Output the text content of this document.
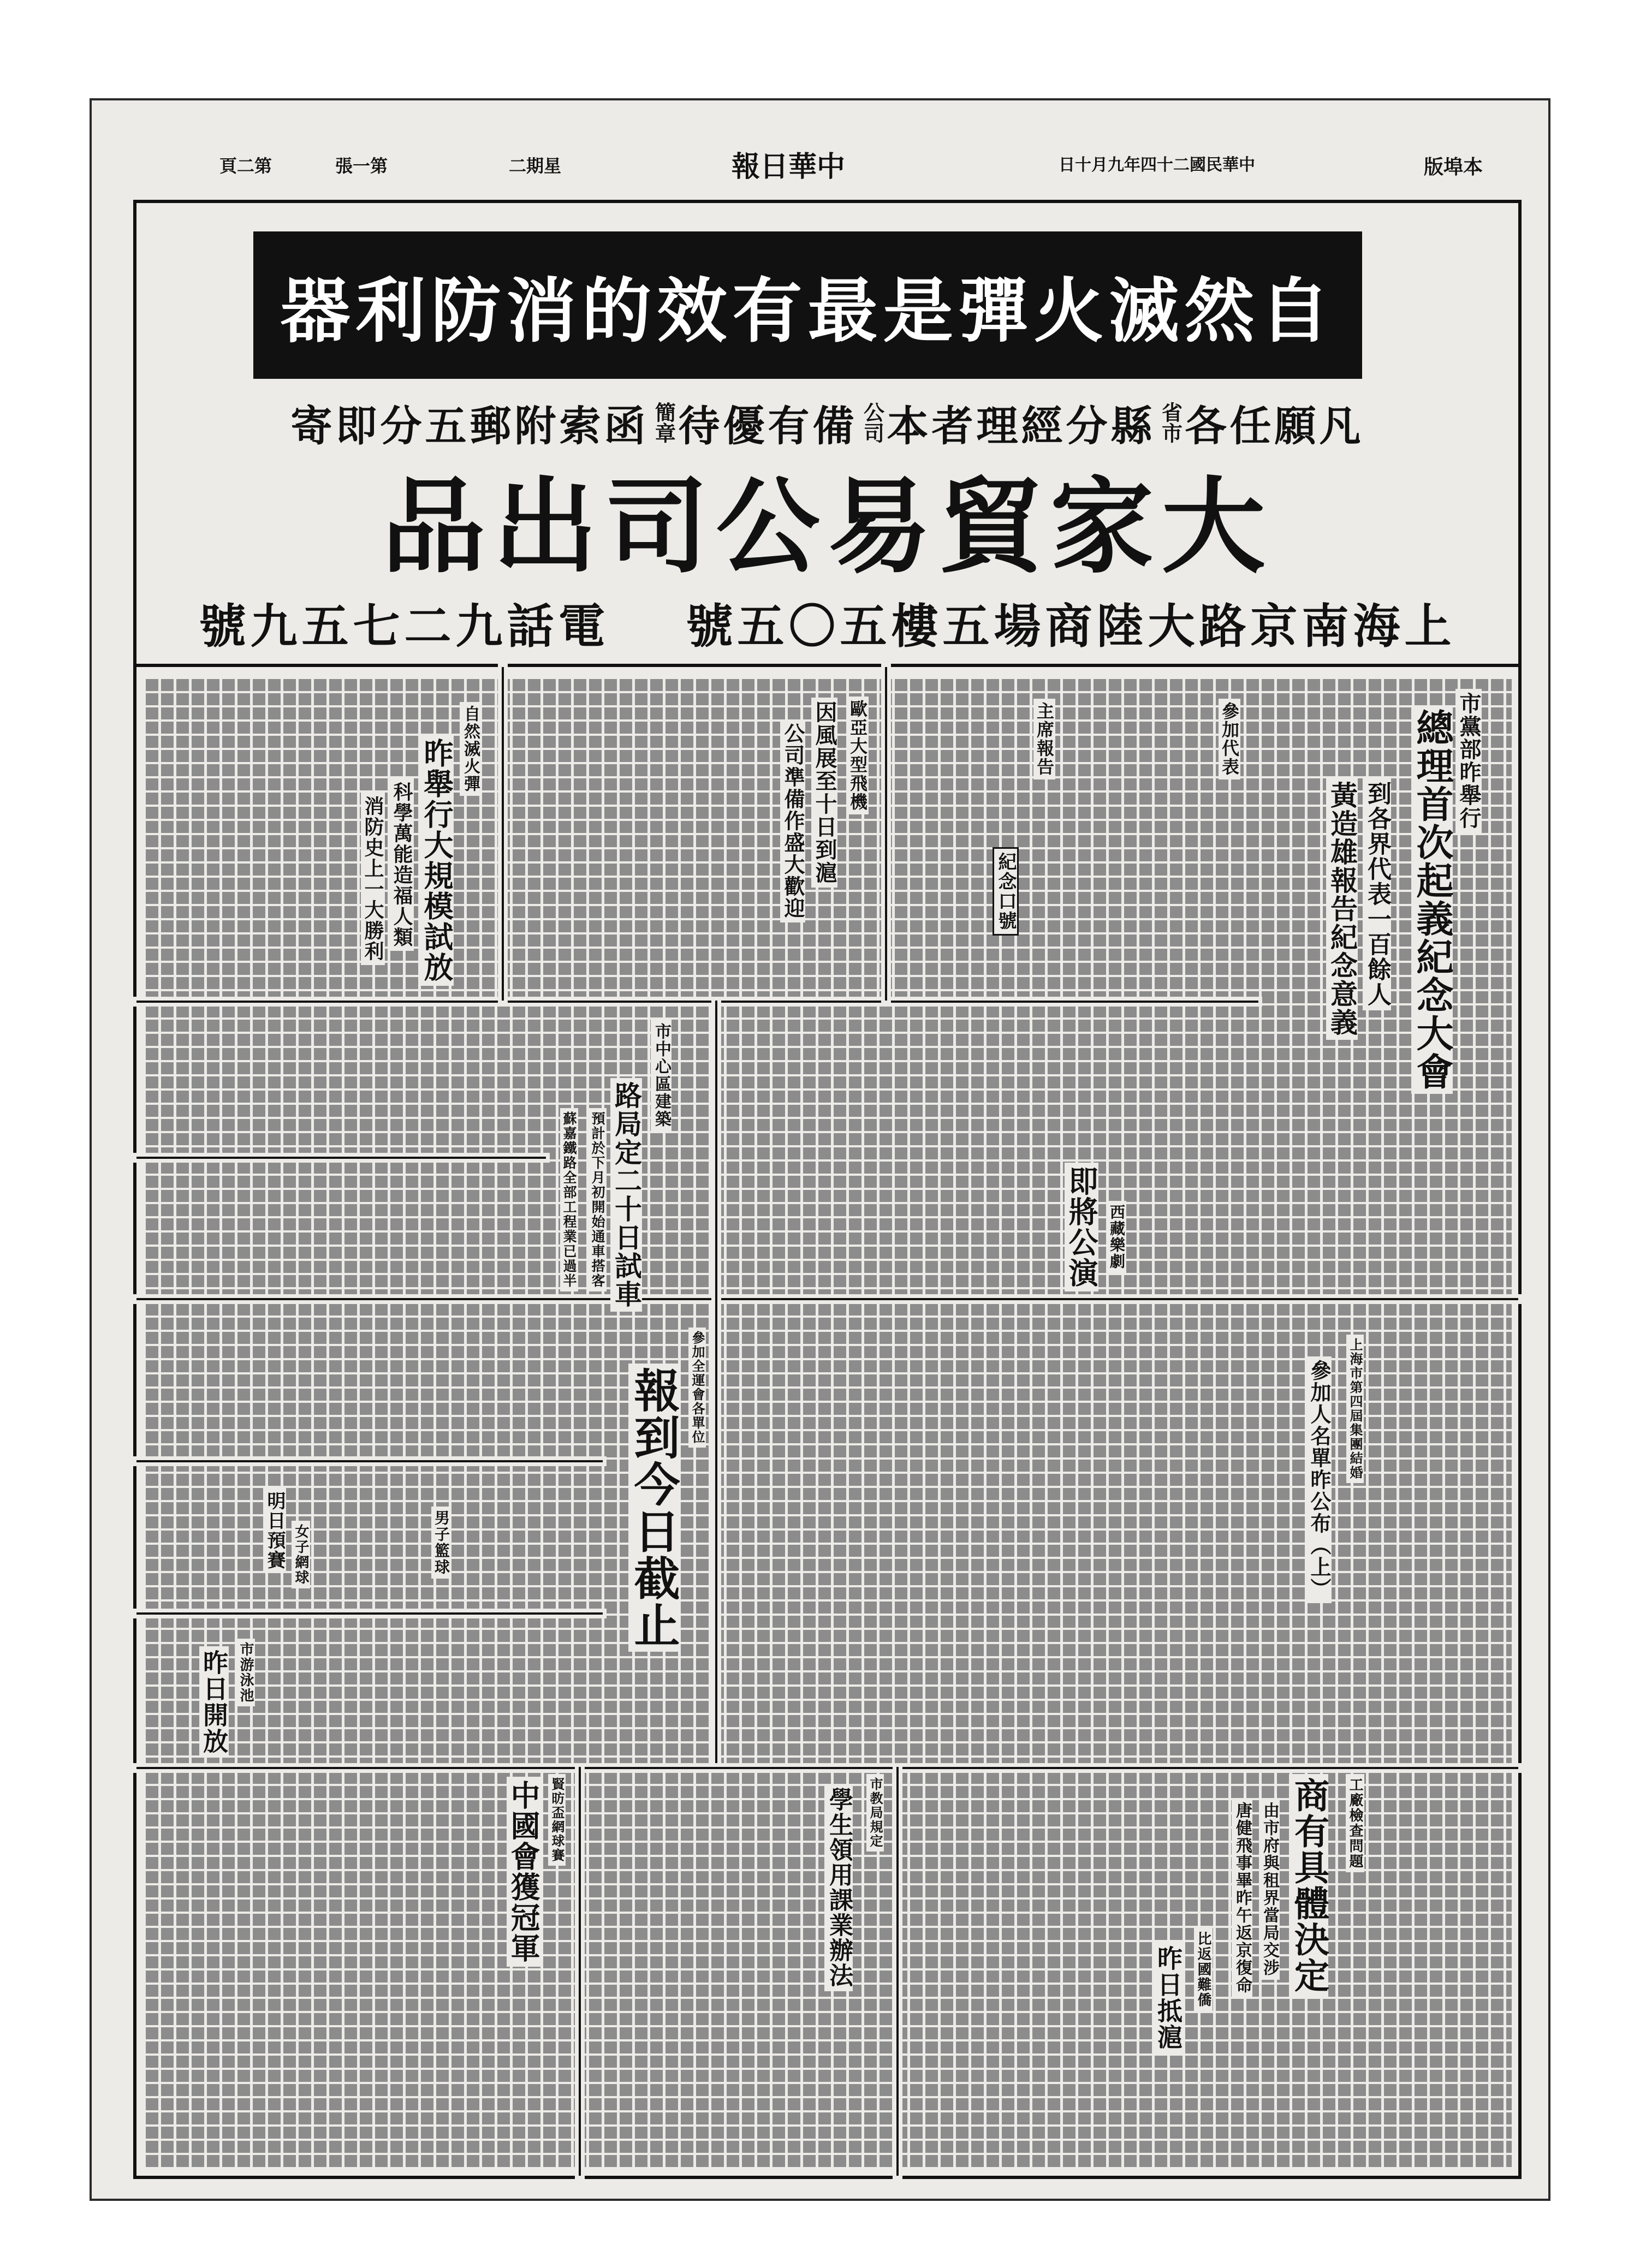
本埠版
中華民國二十四年九月十日
中華日報
星期二
第一張
第二頁
自然滅火彈是最有效的消防利器
凡願任各
省市
縣分經理者本
公司
備有優待
簡章
函索附郵五分即寄
大家貿易公司出品
上海南京路大陸商場五樓五〇五號
電話九二七五九號
市黨部昨舉行
總理首次起義紀念大會
到各界代表一百餘人
黃造雄報告紀念意義
參加代表
主席報告
紀念口號
歐亞大型飛機
因風展至十日到滬
公司準備作盛大歡迎
自然滅火彈
昨舉行大規模試放
科學萬能造福人類
消防史上一大勝利
市中心區建築
路局定二十日試車
預計於下月初開始通車搭客
蘇嘉鐵路全部工程業已過半	西藏樂劇
即將公演
上海市第四屆集團結婚
參加人名單昨公布（上）
參加全運會各單位
報到今日截止
女子網球
明日預賽	男子籃球
市游泳池
昨日開放
工廠檢查問題
商有具體決定
由市府與租界當局交涉
唐健飛事畢昨午返京復命
比返國難僑
昨日抵滬
市教局規定
學生領用課業辦法
賢昉盃網球賽
中國會獲冠軍
